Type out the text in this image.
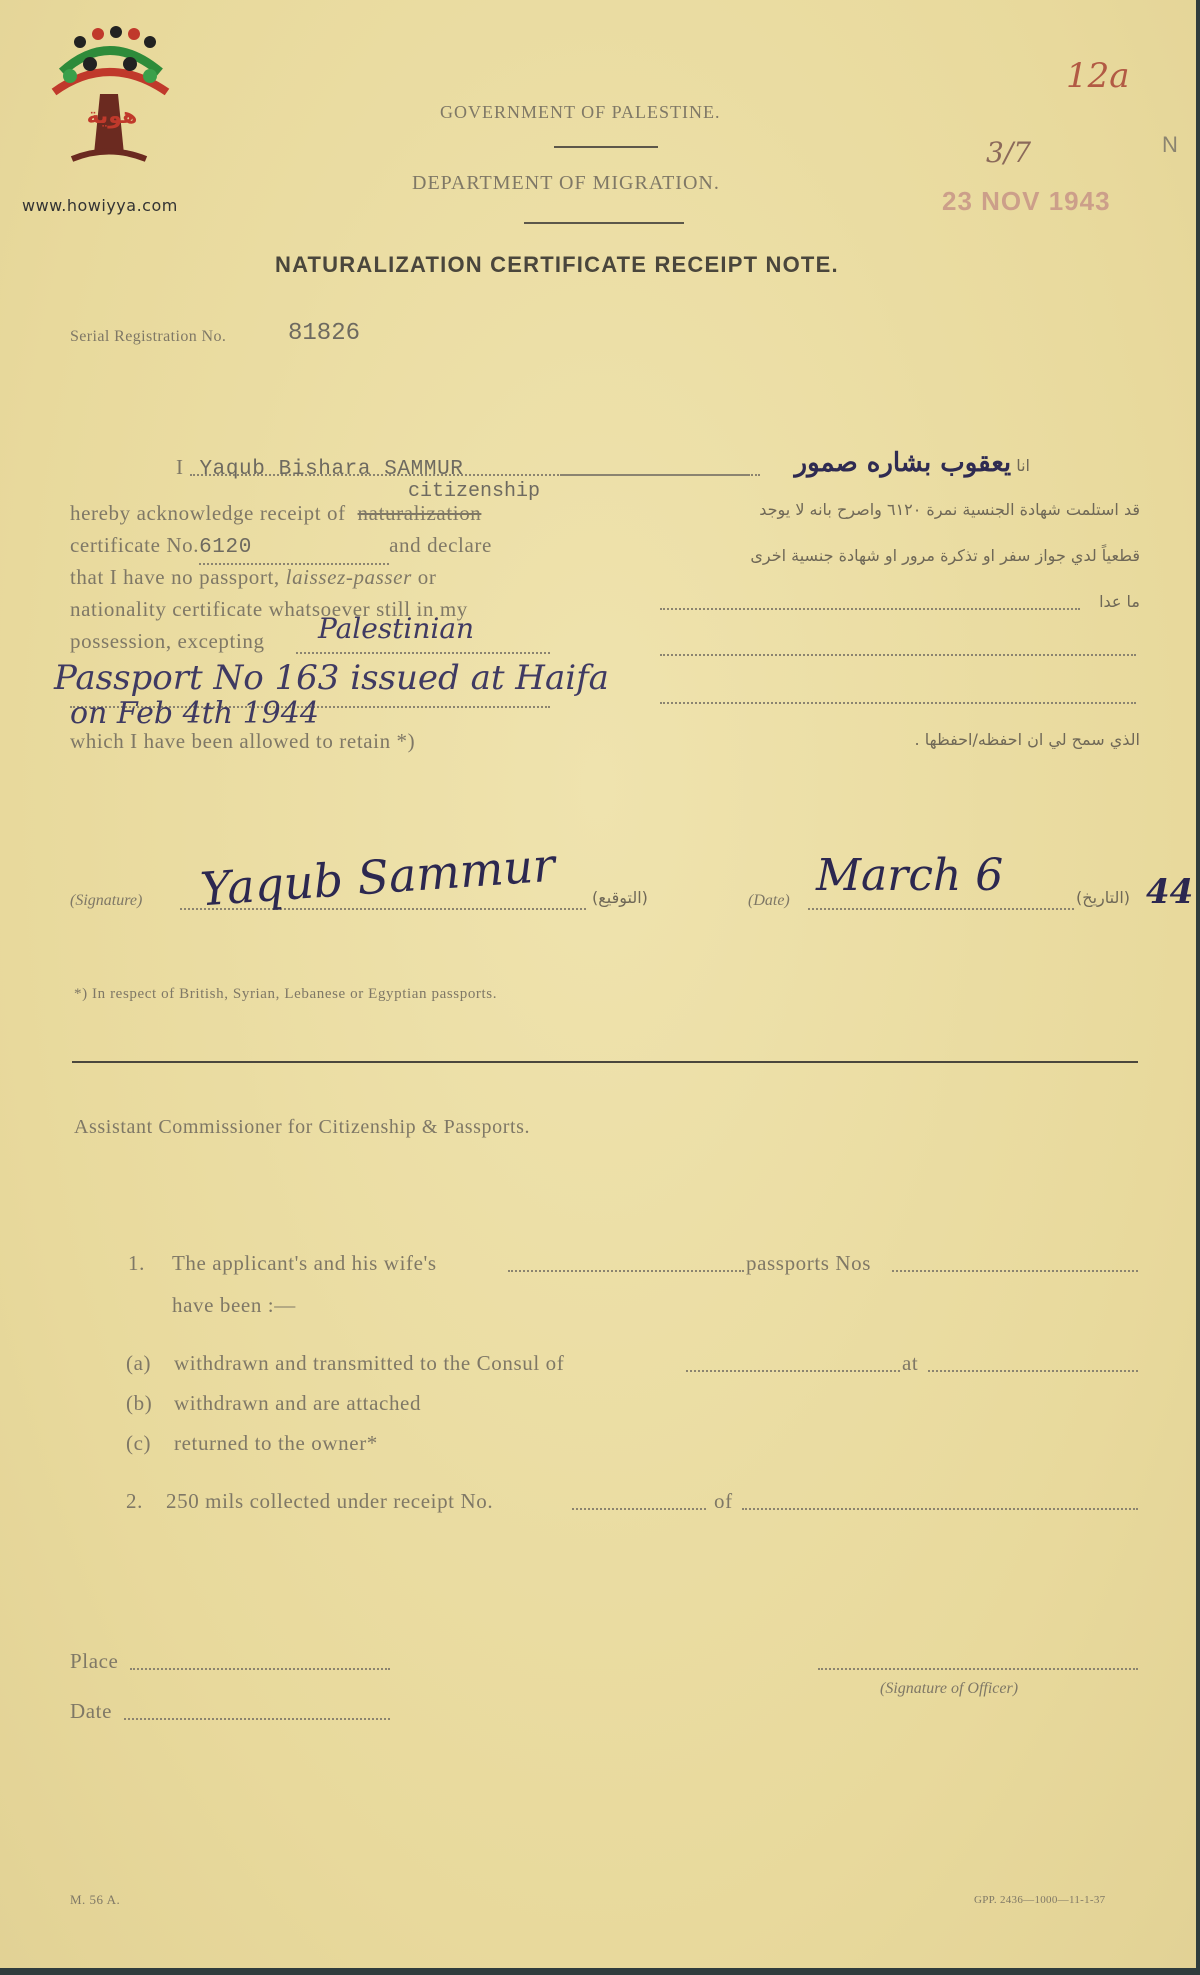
هوية
www.howiyya.com
GOVERNMENT OF PALESTINE.
DEPARTMENT OF MIGRATION.
NATURALIZATION CERTIFICATE RECEIPT NOTE.
12a
3/7
23 NOV 1943
N
Serial Registration No.	81826
I Yaqub Bishara SAMMUR
citizenship
hereby acknowledge receipt of naturalization
certificate No.6120	and declare
that I have no passport, laissez-passer or
nationality certificate whatsoever still in my
possession, excepting Palestinian
Passport No 163 issued at Haifa
on Feb 4th 1944
which I have been allowed to retain *)
انا يعقوب بشاره صمور
قد استلمت شهادة الجنسية نمرة ٦١٢٠ واصرح بانه لا يوجد
قطعياً لدي جواز سفر او تذكرة مرور او شهادة جنسية اخرى
ما عدا
الذي سمح لي ان احفظه/احفظها .
(Signature) Yaqub Sammur (التوقيع)	(Date) March 6	(التاريخ) 44
*) In respect of British, Syrian, Lebanese or Egyptian passports.
Assistant Commissioner for Citizenship & Passports.
1. The applicant's and his wife's	passports Nos
have been :—
(a) withdrawn and transmitted to the Consul of	at
(b) withdrawn and are attached
(c) returned to the owner*
2. 250 mils collected under receipt No.	of
Place
Date
(Signature of Officer)
M. 56 A.	GPP. 2436—1000—11-1-37
